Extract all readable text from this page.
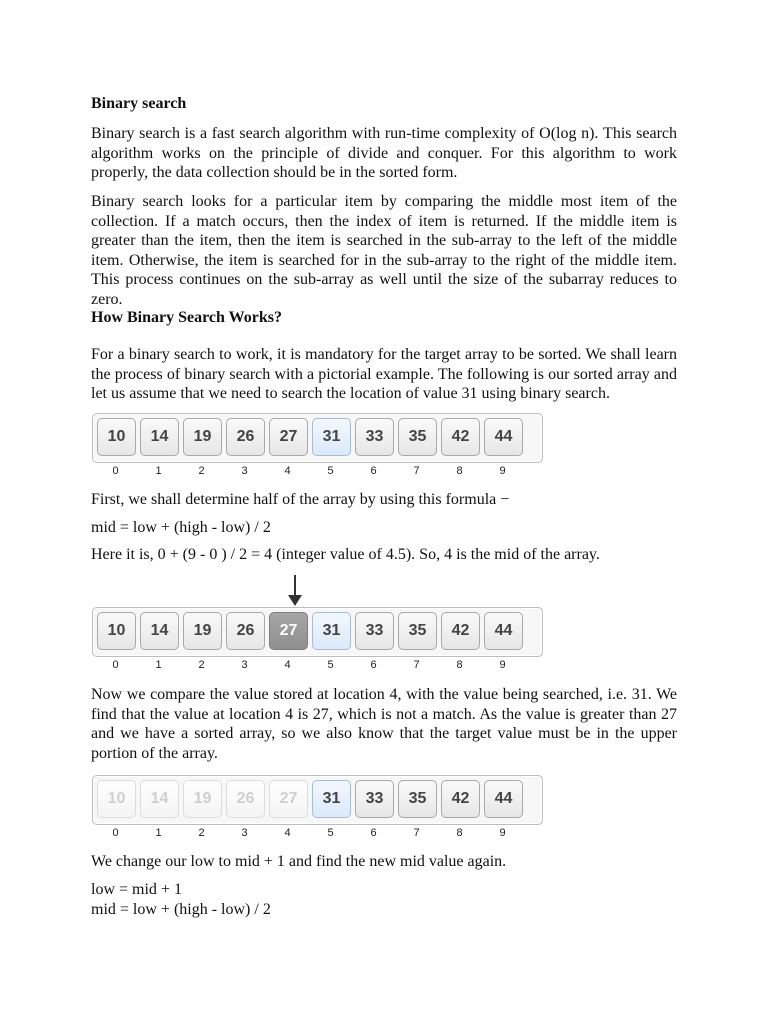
Binary search
Binary search is a fast search algorithm with run-time complexity of Ο(log n). This search algorithm works on the principle of divide and conquer. For this algorithm to work properly, the data collection should be in the sorted form.
Binary search looks for a particular item by comparing the middle most item of the collection. If a match occurs, then the index of item is returned. If the middle item is greater than the item, then the item is searched in the sub-array to the left of the middle item. Otherwise, the item is searched for in the sub-array to the right of the middle item. This process continues on the sub-array as well until the size of the subarray reduces to zero.
How Binary Search Works?
For a binary search to work, it is mandatory for the target array to be sorted. We shall learn the process of binary search with a pictorial example. The following is our sorted array and let us assume that we need to search the location of value 31 using binary search.
10	14	19	26	27	31	33	35	42	44
0	1	2	3	4	5	6	7	8	9
First, we shall determine half of the array by using this formula −
mid = low + (high - low) / 2
Here it is, 0 + (9 - 0 ) / 2 = 4 (integer value of 4.5). So, 4 is the mid of the array.
10	14	19	26	27	31	33	35	42	44
0	1	2	3	4	5	6	7	8	9
Now we compare the value stored at location 4, with the value being searched, i.e. 31. We find that the value at location 4 is 27, which is not a match. As the value is greater than 27 and we have a sorted array, so we also know that the target value must be in the upper portion of the array.
10	14	19	26	27	31	33	35	42	44
0	1	2	3	4	5	6	7	8	9
We change our low to mid + 1 and find the new mid value again.
low = mid + 1
mid = low + (high - low) / 2
